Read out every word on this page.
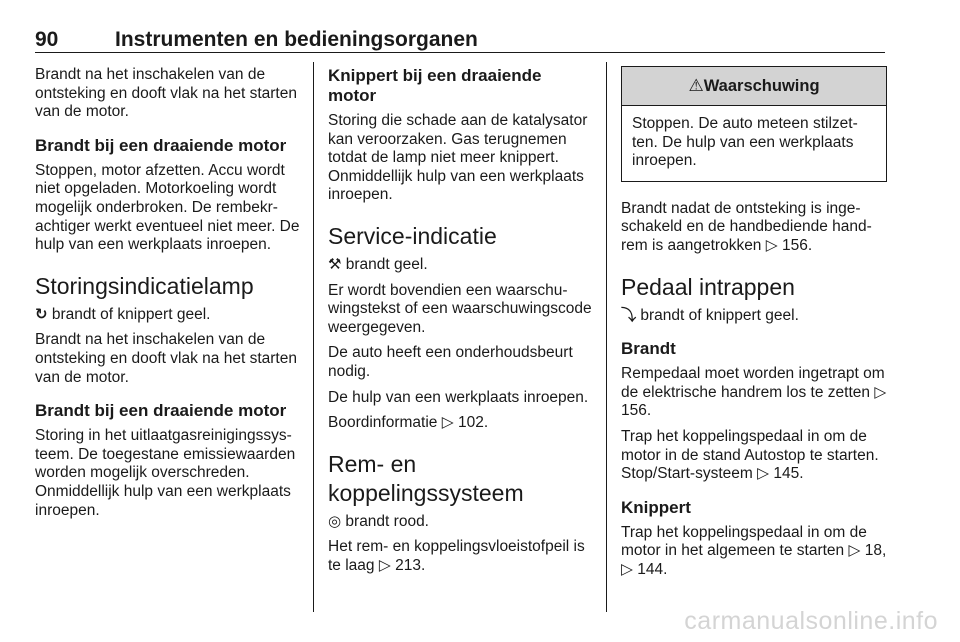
90	Instrumenten en bedieningsorganen

Brandt na het inschakelen van de ontsteking en dooft vlak na het starten van de motor.

Brandt bij een draaiende motor

Stoppen, motor afzetten. Accu wordt niet opgeladen. Motorkoeling wordt mogelijk onderbroken. De rembekrachtiger werkt eventueel niet meer. De hulp van een werkplaats inroepen.

Storingsindicatielamp

↻ brandt of knippert geel.

Brandt na het inschakelen van de ontsteking en dooft vlak na het starten van de motor.

Brandt bij een draaiende motor

Storing in het uitlaatgasreinigingssysteem. De toegestane emissiewaarden worden mogelijk overschreden. Onmiddellijk hulp van een werkplaats inroepen.

Knippert bij een draaiende motor

Storing die schade aan de katalysator kan veroorzaken. Gas terugnemen totdat de lamp niet meer knippert. Onmiddellijk hulp van een werkplaats inroepen.

Service-indicatie

⚒ brandt geel.

Er wordt bovendien een waarschuwingstekst of een waarschuwingscode weergegeven.

De auto heeft een onderhoudsbeurt nodig.

De hulp van een werkplaats inroepen.

Boordinformatie ▷ 102.

Rem- en koppelingssysteem

◎ brandt rood.

Het rem- en koppelingsvloeistofpeil is te laag ▷ 213.

⚠Waarschuwing
Stoppen. De auto meteen stilzetten. De hulp van een werkplaats inroepen.

Brandt nadat de ontsteking is ingeschakeld en de handbediende handrem is aangetrokken ▷ 156.

Pedaal intrappen

⤵ brandt of knippert geel.

Brandt

Rempedaal moet worden ingetrapt om de elektrische handrem los te zetten ▷ 156.

Trap het koppelingspedaal in om de motor in de stand Autostop te starten. Stop/Start-systeem ▷ 145.

Knippert

Trap het koppelingspedaal in om de motor in het algemeen te starten ▷ 18, ▷ 144.

carmanualsonline.info
